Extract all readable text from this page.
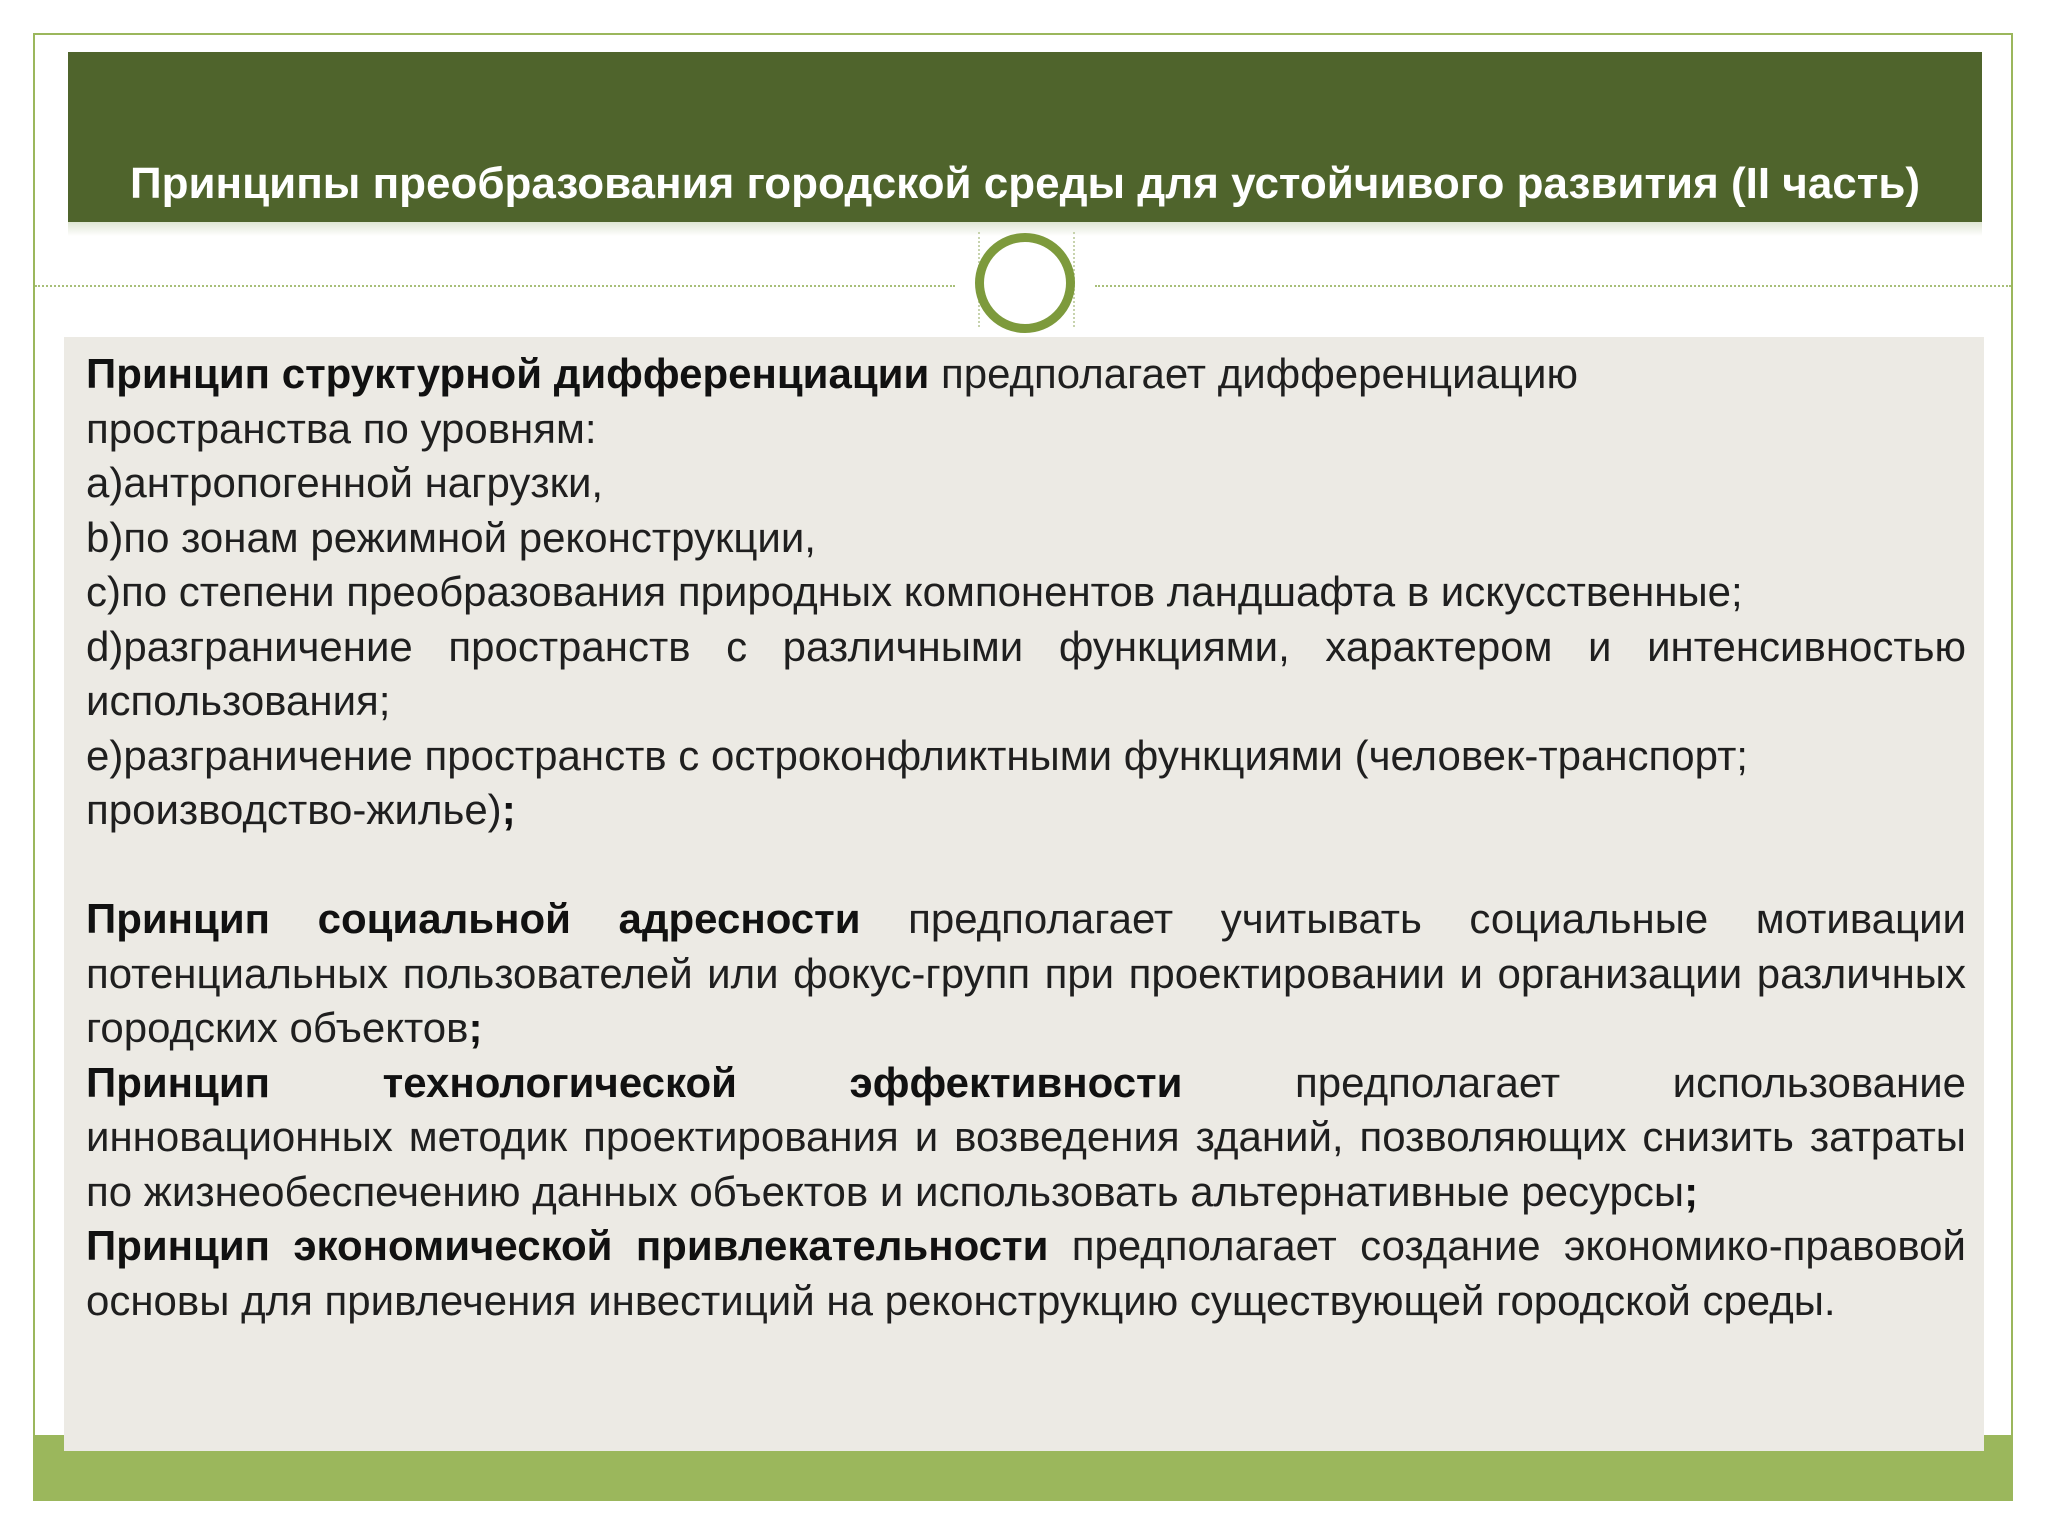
Принципы преобразования городской среды для устойчивого развития (II часть)

Принцип структурной дифференциации предполагает дифференциацию

пространства по уровням:

a)антропогенной нагрузки,

b)по зонам режимной реконструкции,

c)по степени преобразования природных компонентов ландшафта в искусственные;

d)разграничение пространств с различными функциями, характером и интенсивностью использования;

e)разграничение пространств с остроконфликтными функциями (человек-транспорт; производство-жилье);

Принцип социальной адресности предполагает учитывать социальные мотивации потенциальных пользователей или фокус-групп при проектировании и организации различных городских объектов;

Принцип	технологической	эффективности	предполагает	использование

инновационных методик проектирования и возведения зданий, позволяющих снизить затраты по жизнеобеспечению данных объектов и использовать альтернативные ресурсы;

Принцип экономической привлекательности предполагает создание экономико-правовой основы для привлечения инвестиций на реконструкцию существующей городской среды.
